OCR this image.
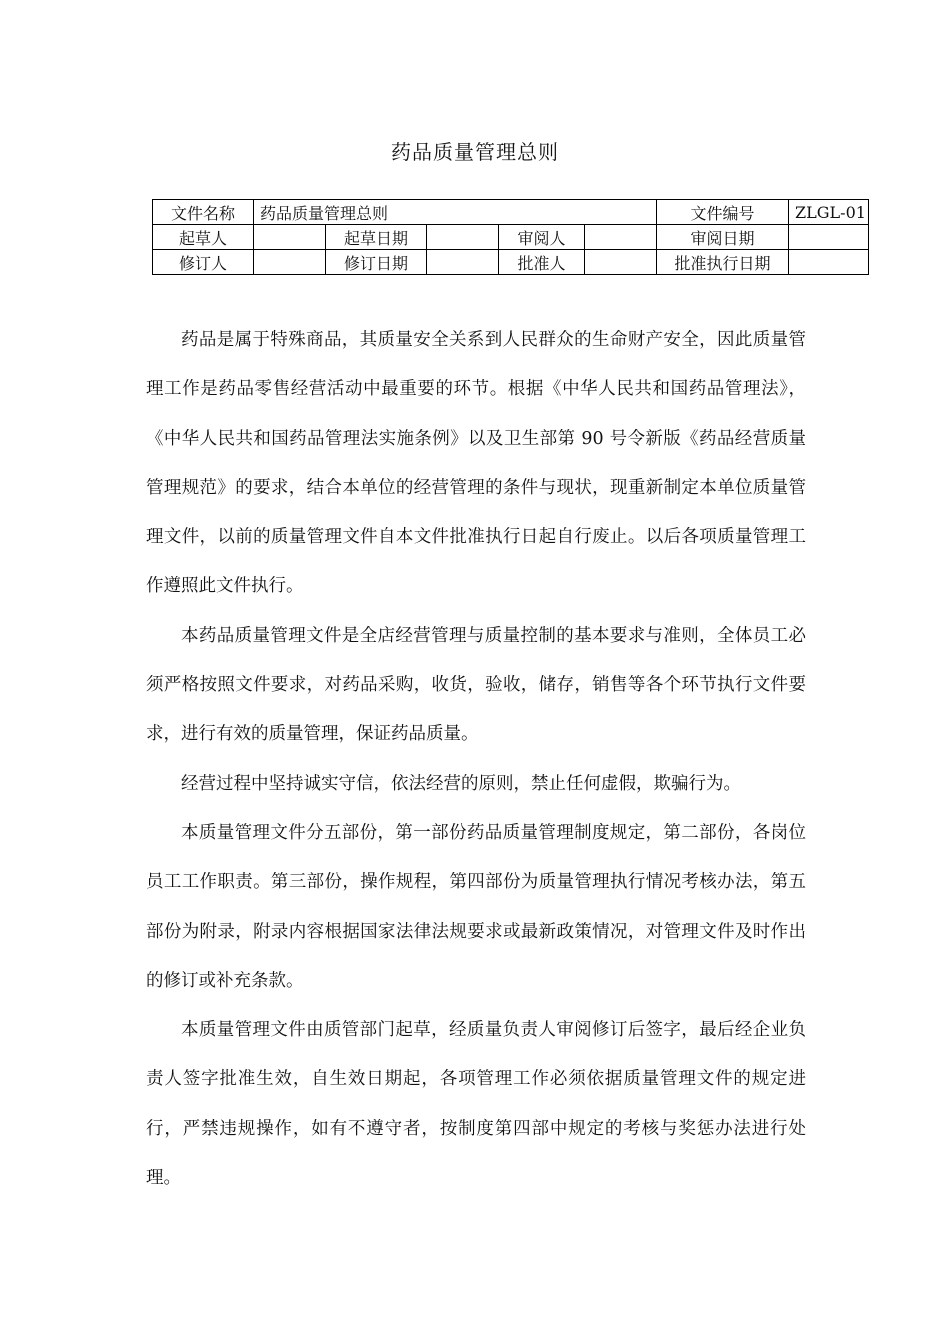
药品质量管理总则
文件名称	药品质量管理总则					文件编号	ZLGL-01
起草人		起草日期		审阅人		审阅日期	
修订人		修订日期		批准人		批准执行日期	

药品是属于特殊商品，其质量安全关系到人民群众的生命财产安全，因此质量管理工作是药品零售经营活动中最重要的环节。根据《中华人民共和国药品管理法》，《中华人民共和国药品管理法实施条例》以及卫生部第 90 号令新版《药品经营质量管理规范》的要求，结合本单位的经营管理的条件与现状，现重新制定本单位质量管理文件，以前的质量管理文件自本文件批准执行日起自行废止。以后各项质量管理工作遵照此文件执行。

本药品质量管理文件是全店经营管理与质量控制的基本要求与准则，全体员工必须严格按照文件要求，对药品采购，收货，验收，储存，销售等各个环节执行文件要求，进行有效的质量管理，保证药品质量。

经营过程中坚持诚实守信，依法经营的原则，禁止任何虚假，欺骗行为。

本质量管理文件分五部份，第一部份药品质量管理制度规定，第二部份，各岗位员工工作职责。第三部份，操作规程，第四部份为质量管理执行情况考核办法，第五部份为附录，附录内容根据国家法律法规要求或最新政策情况，对管理文件及时作出的修订或补充条款。

本质量管理文件由质管部门起草，经质量负责人审阅修订后签字，最后经企业负责人签字批准生效，自生效日期起，各项管理工作必须依据质量管理文件的规定进行，严禁违规操作，如有不遵守者，按制度第四部中规定的考核与奖惩办法进行处理。
